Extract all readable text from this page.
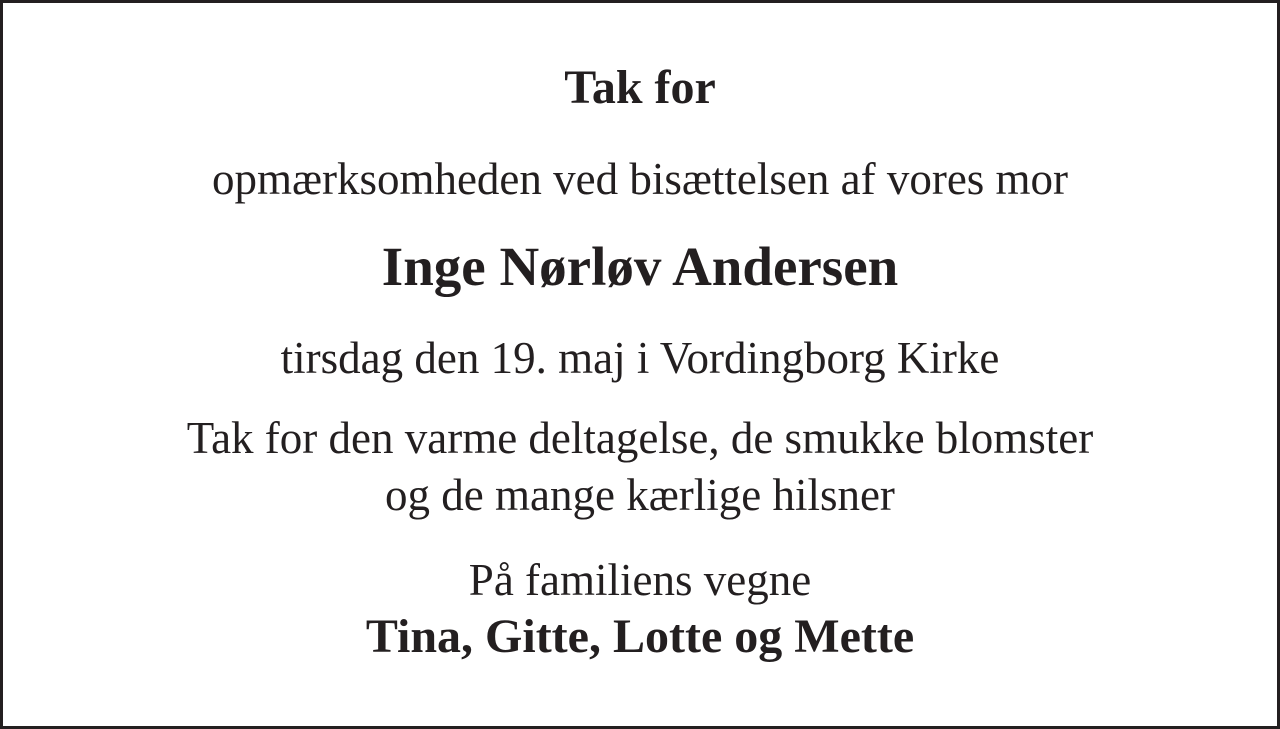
Tak for
opmærksomheden ved bisættelsen af vores mor
Inge Nørløv Andersen
tirsdag den 19. maj i Vordingborg Kirke
Tak for den varme deltagelse, de smukke blomster
og de mange kærlige hilsner
På familiens vegne
Tina, Gitte, Lotte og Mette
